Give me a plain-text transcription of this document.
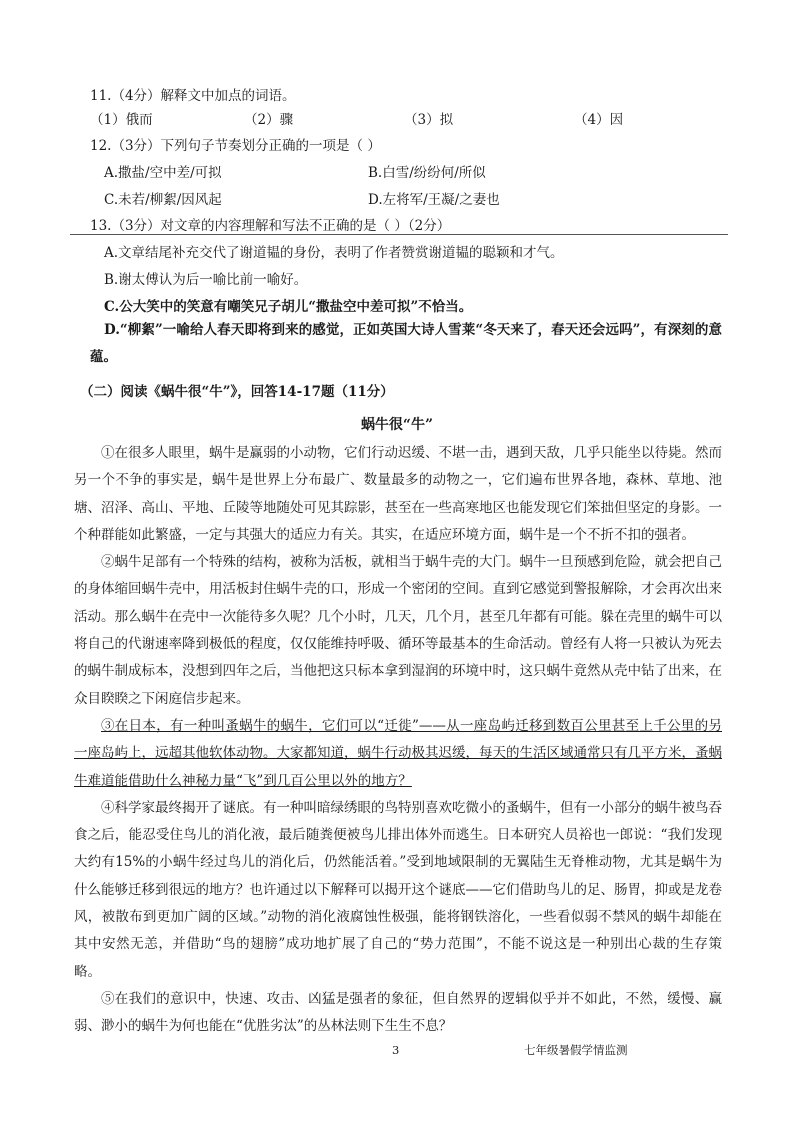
11.（4分）解释文中加点的词语。
（1）俄而	（2）骤	（3）拟	（4）因
12.（3分）下列句子节奏划分正确的一项是（ ）
A.撒盐/空中差/可拟	B.白雪/纷纷何/所似
C.未若/柳絮/因风起	D.左将军/王凝/之妻也
13.（3分）对文章的内容理解和写法不正确的是（ ）（2分）
A.文章结尾补充交代了谢道韫的身份，表明了作者赞赏谢道韫的聪颖和才气。
B.谢太傅认为后一喻比前一喻好。
C.公大笑中的笑意有嘲笑兄子胡儿“撒盐空中差可拟”不恰当。

D.“柳絮”一喻给人春天即将到来的感觉，正如英国大诗人雪莱“冬天来了，春天还会远吗”，有深刻的意蕴。

（二）阅读《蜗牛很“牛”》，回答14-17题（11分）
蜗牛很“牛”

①在很多人眼里，蜗牛是赢弱的小动物，它们行动迟缓、不堪一击，遇到天敌，几乎只能坐以待毙。然而另一个不争的事实是，蜗牛是世界上分布最广、数量最多的动物之一，它们遍布世界各地，森林、草地、池塘、沼泽、高山、平地、丘陵等地随处可见其踪影，甚至在一些高寒地区也能发现它们笨拙但坚定的身影。一个种群能如此繁盛，一定与其强大的适应力有关。其实，在适应环境方面，蜗牛是一个不折不扣的强者。

②蜗牛足部有一个特殊的结构，被称为活板，就相当于蜗牛壳的大门。蜗牛一旦预感到危险，就会把自己的身体缩回蜗牛壳中，用活板封住蜗牛壳的口，形成一个密闭的空间。直到它感觉到警报解除，才会再次出来活动。那么蜗牛在壳中一次能待多久呢？几个小时，几天，几个月，甚至几年都有可能。躲在壳里的蜗牛可以将自己的代谢速率降到极低的程度，仅仅能维持呼吸、循环等最基本的生命活动。曾经有人将一只被认为死去的蜗牛制成标本，没想到四年之后，当他把这只标本拿到湿润的环境中时，这只蜗牛竟然从壳中钻了出来，在众目睽睽之下闲庭信步起来。

③在日本，有一种叫蚤蜗牛的蜗牛，它们可以“迁徙”——从一座岛屿迁移到数百公里甚至上千公里的另一座岛屿上，远超其他软体动物。大家都知道，蜗牛行动极其迟缓，每天的生活区域通常只有几平方米，蚤蜗牛难道能借助什么神秘力量“飞”到几百公里以外的地方？

④科学家最终揭开了谜底。有一种叫暗绿绣眼的鸟特别喜欢吃微小的蚤蜗牛，但有一小部分的蜗牛被鸟吞食之后，能忍受住鸟儿的消化液，最后随粪便被鸟儿排出体外而逃生。日本研究人员裕也一郎说：“我们发现大约有15%的小蜗牛经过鸟儿的消化后，仍然能活着。”受到地域限制的无翼陆生无脊椎动物，尤其是蜗牛为什么能够迁移到很远的地方？也许通过以下解释可以揭开这个谜底——它们借助鸟儿的足、肠胃，抑或是龙卷风，被散布到更加广阔的区域。”动物的消化液腐蚀性极强，能将钢铁溶化，一些看似弱不禁风的蜗牛却能在其中安然无恙，并借助“鸟的翅膀”成功地扩展了自己的“势力范围”，不能不说这是一种别出心裁的生存策略。

⑤在我们的意识中，快速、攻击、凶猛是强者的象征，但自然界的逻辑似乎并不如此，不然，缓慢、赢弱、渺小的蜗牛为何也能在“优胜劣汰”的丛林法则下生生不息？

3	七年级暑假学情监测
